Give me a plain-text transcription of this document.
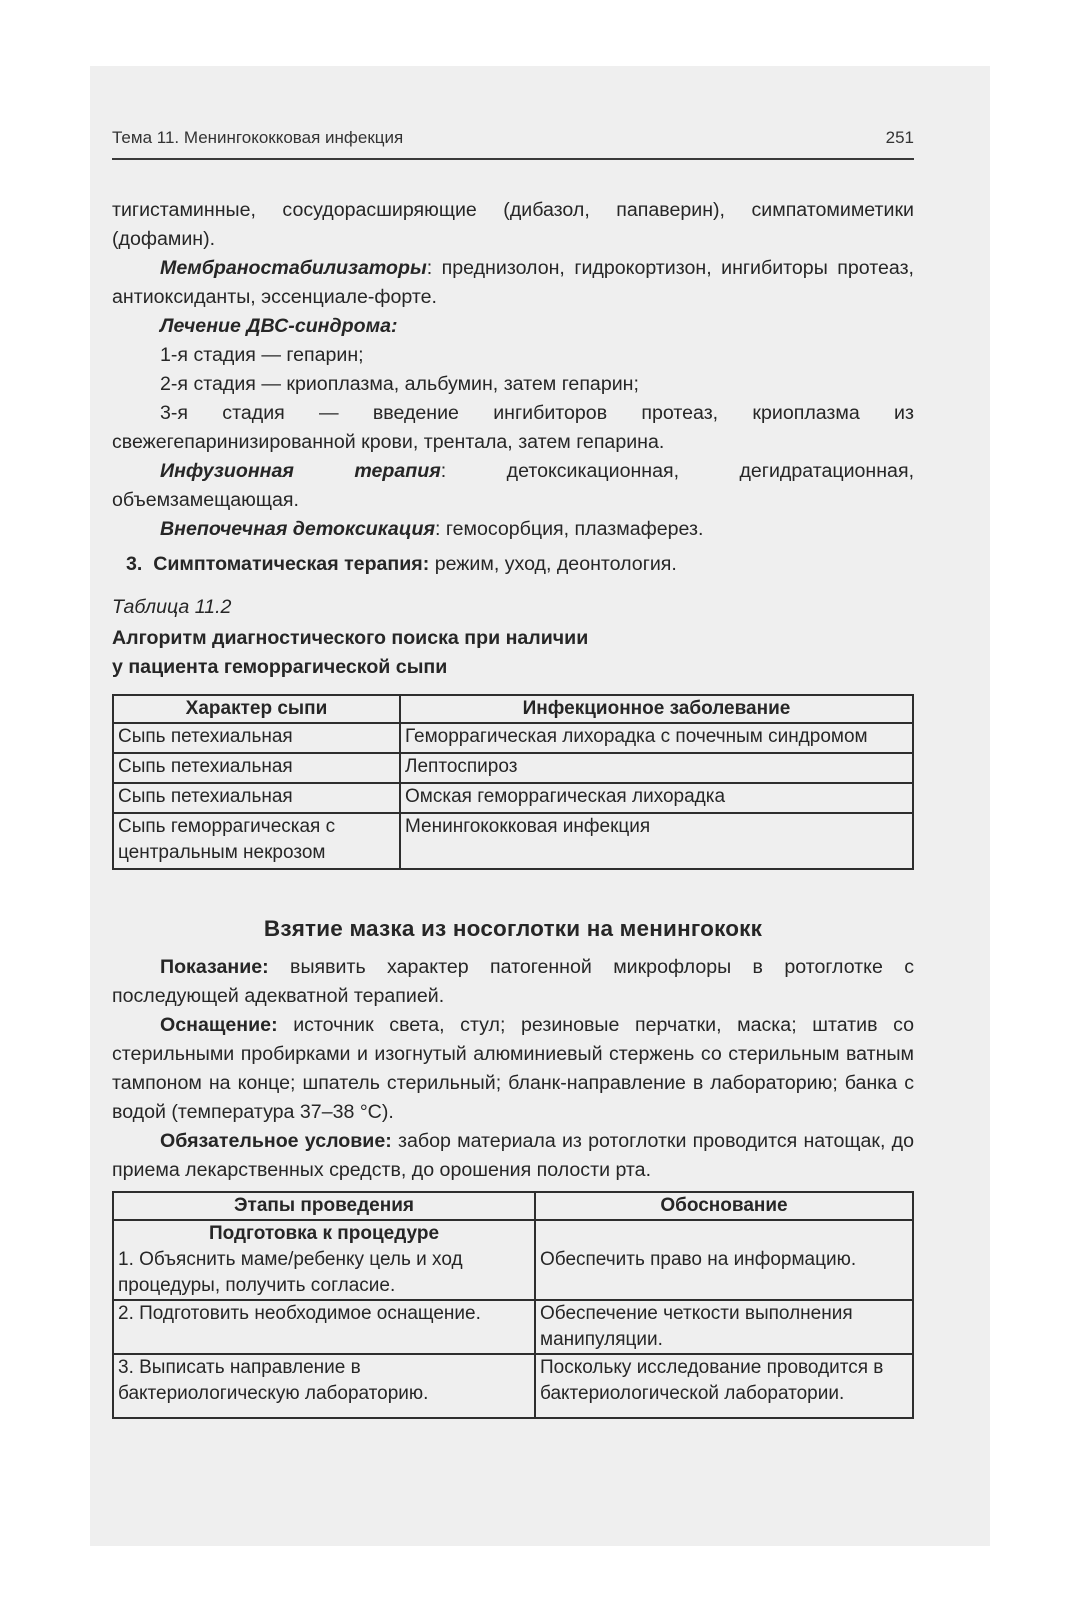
Тема 11. Менингококковая инфекция	251

тигистаминные, сосудорасширяющие (дибазол, папаверин), симпатомиметики (дофамин).

Мембраностабилизаторы: преднизолон, гидрокортизон, ингибиторы протеаз, антиоксиданты, эссенциале-форте.

Лечение ДВС-синдрома:

1-я стадия — гепарин;

2-я стадия — криоплазма, альбумин, затем гепарин;

3-я стадия — введение ингибиторов протеаз, криоплазма из свежегепаринизированной крови, трентала, затем гепарина.

Инфузионная терапия: детоксикационная, дегидратационная, объемзамещающая.

Внепочечная детоксикация: гемосорбция, плазмаферез.

3. Симптоматическая терапия: режим, уход, деонтология.

Таблица 11.2

Алгоритм диагностического поиска при наличии
у пациента геморрагической сыпи

Характер сыпи	Инфекционное заболевание
Сыпь петехиальная	Геморрагическая лихорадка с почечным синдромом
Сыпь петехиальная	Лептоспироз
Сыпь петехиальная	Омская геморрагическая лихорадка
Сыпь геморрагическая с центральным некрозом	Менингококковая инфекция
Взятие мазка из носоглотки на менингококк

Показание: выявить характер патогенной микрофлоры в ротоглотке с последующей адекватной терапией.

Оснащение: источник света, стул; резиновые перчатки, маска; штатив со стерильными пробирками и изогнутый алюминиевый стержень со стерильным ватным тампоном на конце; шпатель стерильный; бланк-направление в лабораторию; банка с водой (температура 37–38 °С).

Обязательное условие: забор материала из ротоглотки проводится натощак, до приема лекарственных средств, до орошения полости рта.

Этапы проведения	Обоснование

Подготовка к процедуре
1. Объяснить маме/ребенку цель и ход процедуры, получить согласие.	Обеспечить право на информацию.

2. Подготовить необходимое оснащение.	Обеспечение четкости выполнения манипуляции.
3. Выписать направление в бактериологическую лабораторию.	Поскольку исследование проводится в бактериологической лаборатории.
